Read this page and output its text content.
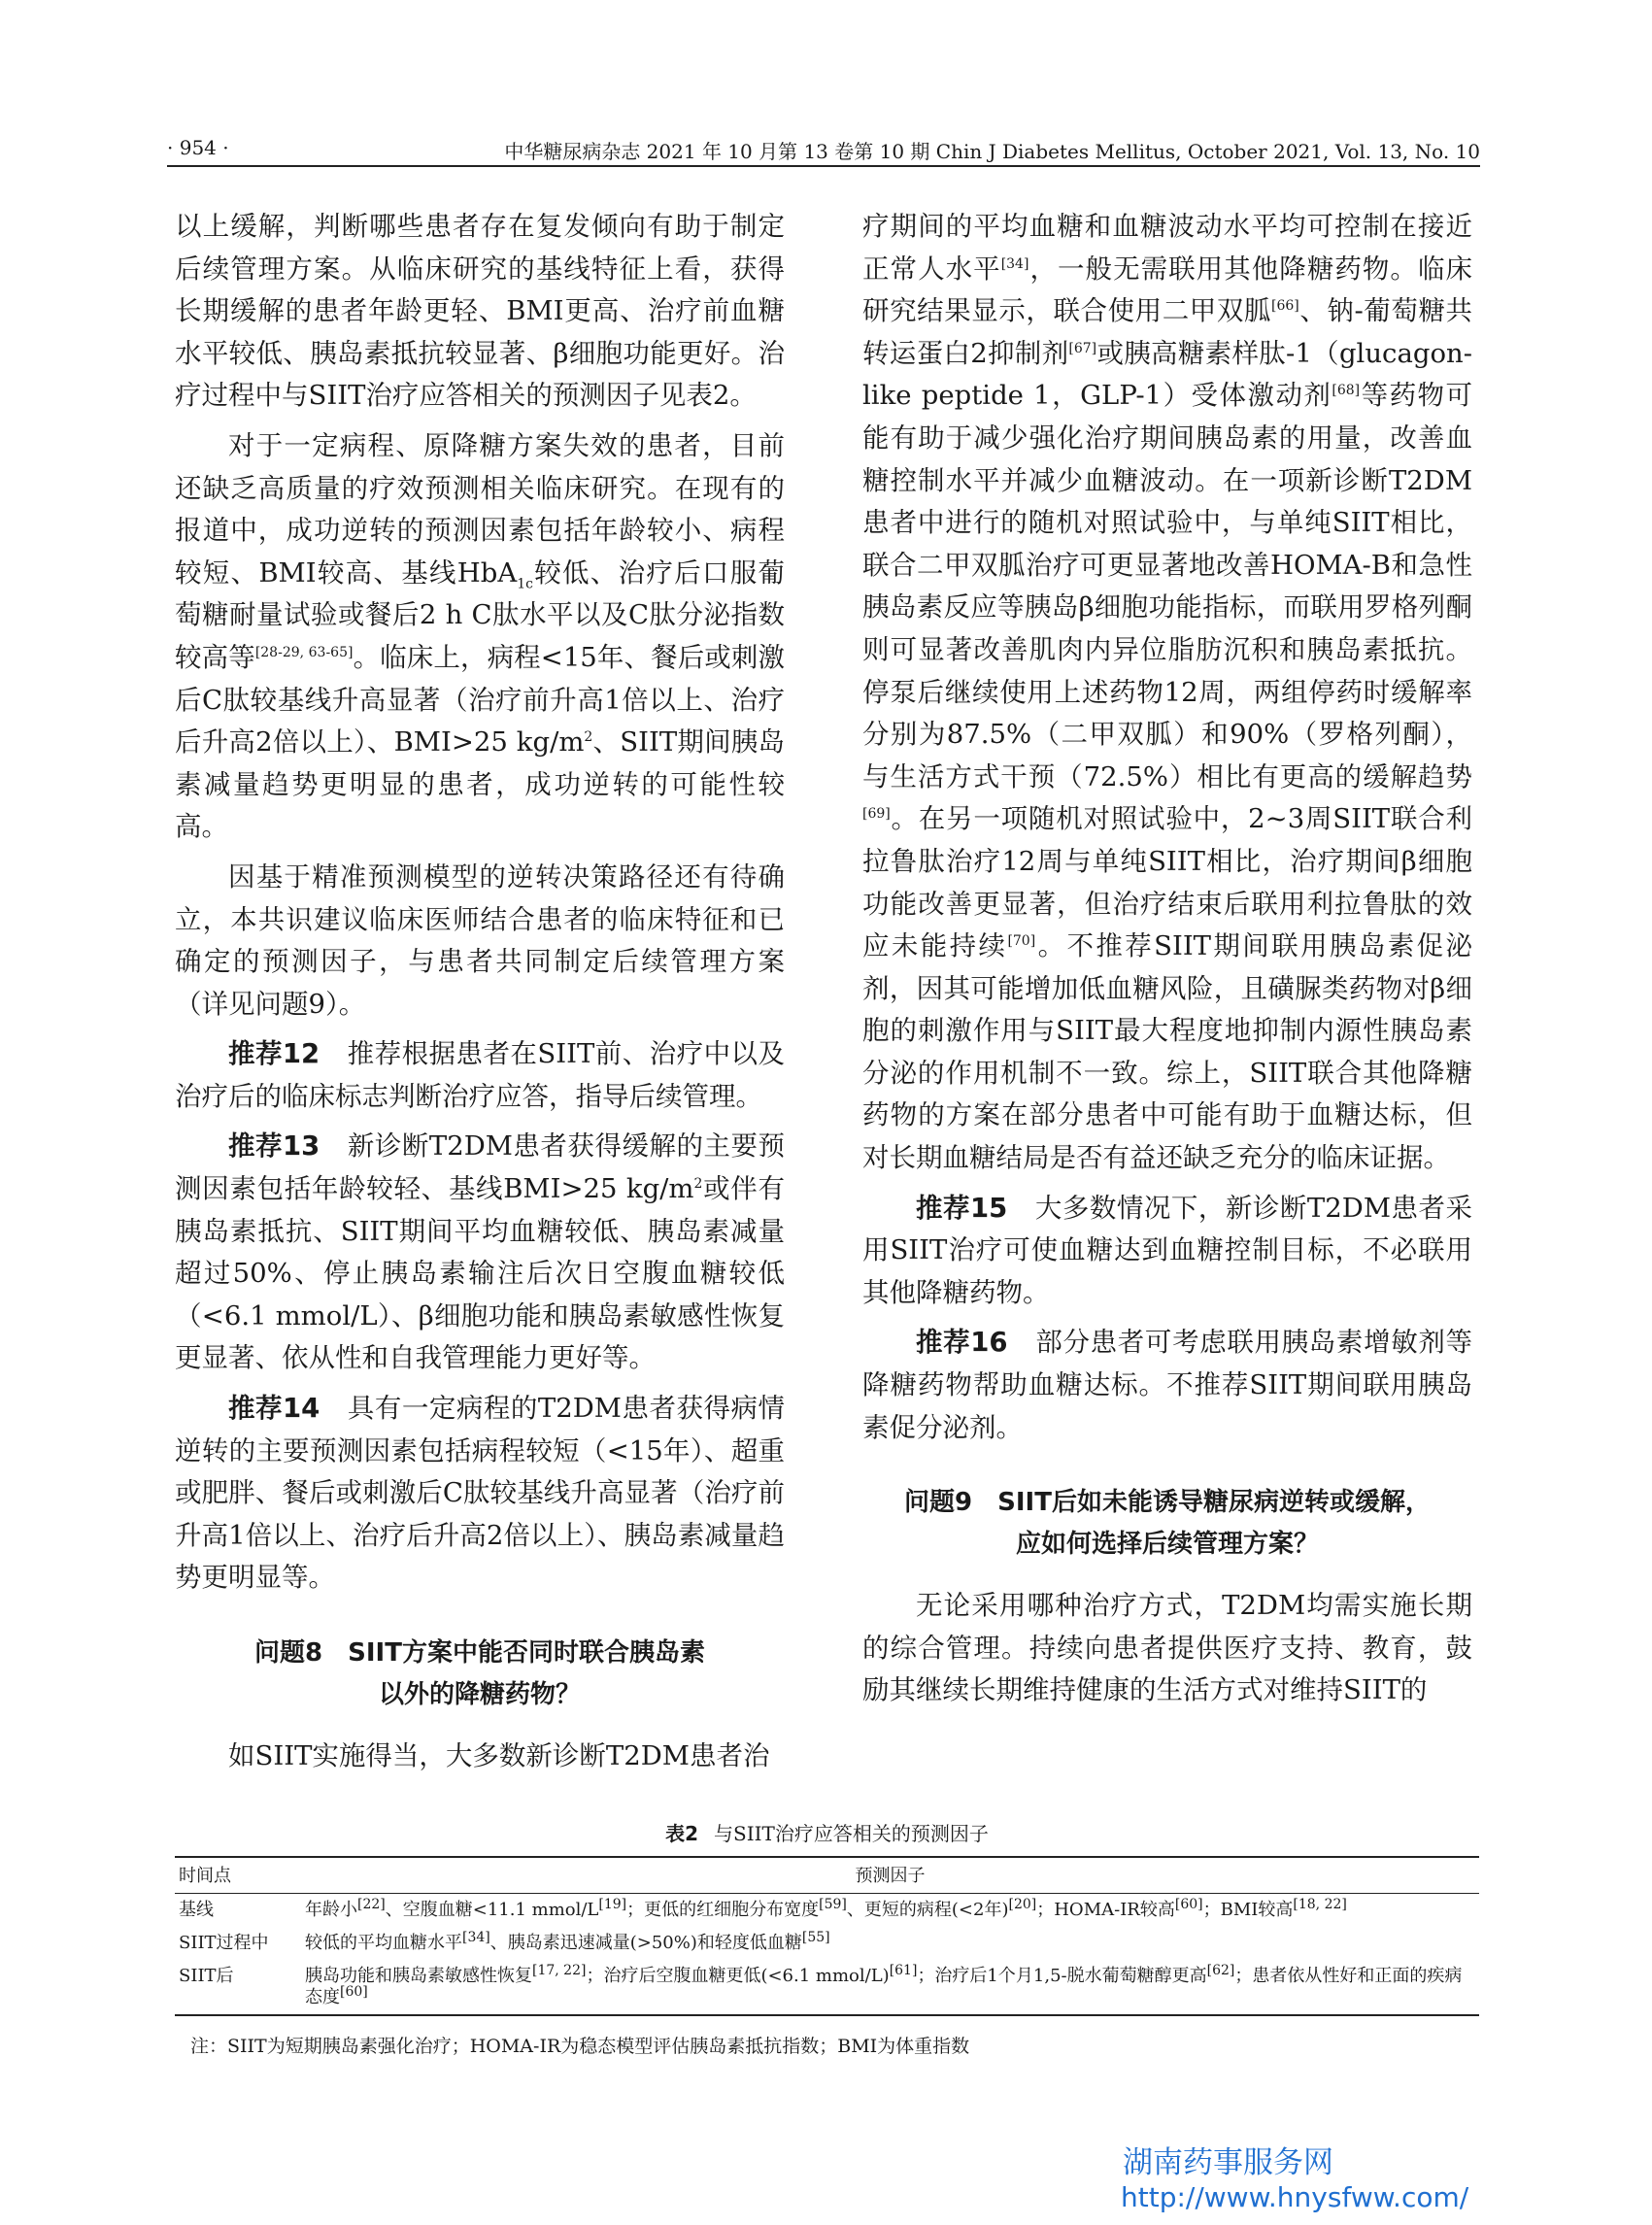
· 954 ·	中华糖尿病杂志 2021 年 10 月第 13 卷第 10 期 Chin J Diabetes Mellitus, October 2021, Vol. 13, No. 10

以上缓解，判断哪些患者存在复发倾向有助于制定后续管理方案。从临床研究的基线特征上看，获得长期缓解的患者年龄更轻、BMI更高、治疗前血糖水平较低、胰岛素抵抗较显著、β细胞功能更好。治疗过程中与SIIT治疗应答相关的预测因子见表2。

对于一定病程、原降糖方案失效的患者，目前还缺乏高质量的疗效预测相关临床研究。在现有的报道中，成功逆转的预测因素包括年龄较小、病程较短、BMI较高、基线HbA$_{1c}$较低、治疗后口服葡萄糖耐量试验或餐后2 h C肽水平以及C肽分泌指数较高等[28-29, 63-65]。临床上，病程<15年、餐后或刺激后C肽较基线升高显著（治疗前升高1倍以上、治疗后升高2倍以上）、BMI>25 $kg/m^2$、SIIT期间胰岛素减量趋势更明显的患者，成功逆转的可能性较高。

因基于精准预测模型的逆转决策路径还有待确立，本共识建议临床医师结合患者的临床特征和已确定的预测因子，与患者共同制定后续管理方案（详见问题9）。

推荐12　 推荐根据患者在SIIT前、治疗中以及治疗后的临床标志判断治疗应答，指导后续管理。

推荐13　 新诊断T2DM患者获得缓解的主要预测因素包括年龄较轻、基线BMI>25 $kg/m^2$或伴有胰岛素抵抗、SIIT期间平均血糖较低、胰岛素减量超过50%、停止胰岛素输注后次日空腹血糖较低（<6.1 mmol/L）、β细胞功能和胰岛素敏感性恢复更显著、依从性和自我管理能力更好等。

推荐14　 具有一定病程的T2DM患者获得病情逆转的主要预测因素包括病程较短（<15年）、超重或肥胖、餐后或刺激后C肽较基线升高显著（治疗前升高1倍以上、治疗后升高2倍以上）、胰岛素减量趋势更明显等。

问题8　SIIT方案中能否同时联合胰岛素
以外的降糖药物？

如SIIT实施得当，大多数新诊断T2DM患者治

疗期间的平均血糖和血糖波动水平均可控制在接近正常人水平[34]，一般无需联用其他降糖药物。临床研究结果显示，联合使用二甲双胍[66]、钠-葡萄糖共转运蛋白2抑制剂[67]或胰高糖素样肽-1（glucagon-like peptide 1，GLP-1）受体激动剂[68]等药物可能有助于减少强化治疗期间胰岛素的用量，改善血糖控制水平并减少血糖波动。在一项新诊断T2DM患者中进行的随机对照试验中，与单纯SIIT相比，联合二甲双胍治疗可更显著地改善HOMA-B和急性胰岛素反应等胰岛β细胞功能指标，而联用罗格列酮则可显著改善肌肉内异位脂肪沉积和胰岛素抵抗。停泵后继续使用上述药物12周，两组停药时缓解率分别为87.5%（二甲双胍）和90%（罗格列酮），与生活方式干预（72.5%）相比有更高的缓解趋势[69]。在另一项随机对照试验中，2~3周SIIT联合利拉鲁肽治疗12周与单纯SIIT相比，治疗期间β细胞功能改善更显著，但治疗结束后联用利拉鲁肽的效应未能持续[70]。不推荐SIIT期间联用胰岛素促泌剂，因其可能增加低血糖风险，且磺脲类药物对β细胞的刺激作用与SIIT最大程度地抑制内源性胰岛素分泌的作用机制不一致。综上，SIIT联合其他降糖药物的方案在部分患者中可能有助于血糖达标，但对长期血糖结局是否有益还缺乏充分的临床证据。

推荐15　 大多数情况下，新诊断T2DM患者采用SIIT治疗可使血糖达到血糖控制目标，不必联用其他降糖药物。

推荐16　 部分患者可考虑联用胰岛素增敏剂等降糖药物帮助血糖达标。不推荐SIIT期间联用胰岛素促分泌剂。

问题9　SIIT后如未能诱导糖尿病逆转或缓解，
应如何选择后续管理方案？

无论采用哪种治疗方式，T2DM均需实施长期的综合管理。持续向患者提供医疗支持、教育，鼓励其继续长期维持健康的生活方式对维持SIIT的

表2 与SIIT治疗应答相关的预测因子
时间点	预测因子
基线	年龄小[22]、空腹血糖<11.1 mmol/L[19]；更低的红细胞分布宽度[59]、更短的病程(<2年)[20]；HOMA-IR较高[60]；BMI较高[18, 22]
SIIT过程中	较低的平均血糖水平[34]、胰岛素迅速减量(>50%)和轻度低血糖[55]
SIIT后	胰岛功能和胰岛素敏感性恢复[17, 22]；治疗后空腹血糖更低(<6.1 mmol/L)[61]；治疗后1个月1,5-脱水葡萄糖醇更高[62]；患者依从性好和正面的疾病态度[60]
注：SIIT为短期胰岛素强化治疗；HOMA-IR为稳态模型评估胰岛素抵抗指数；BMI为体重指数
湖南药事服务网
http://www.hnysfww.com/
